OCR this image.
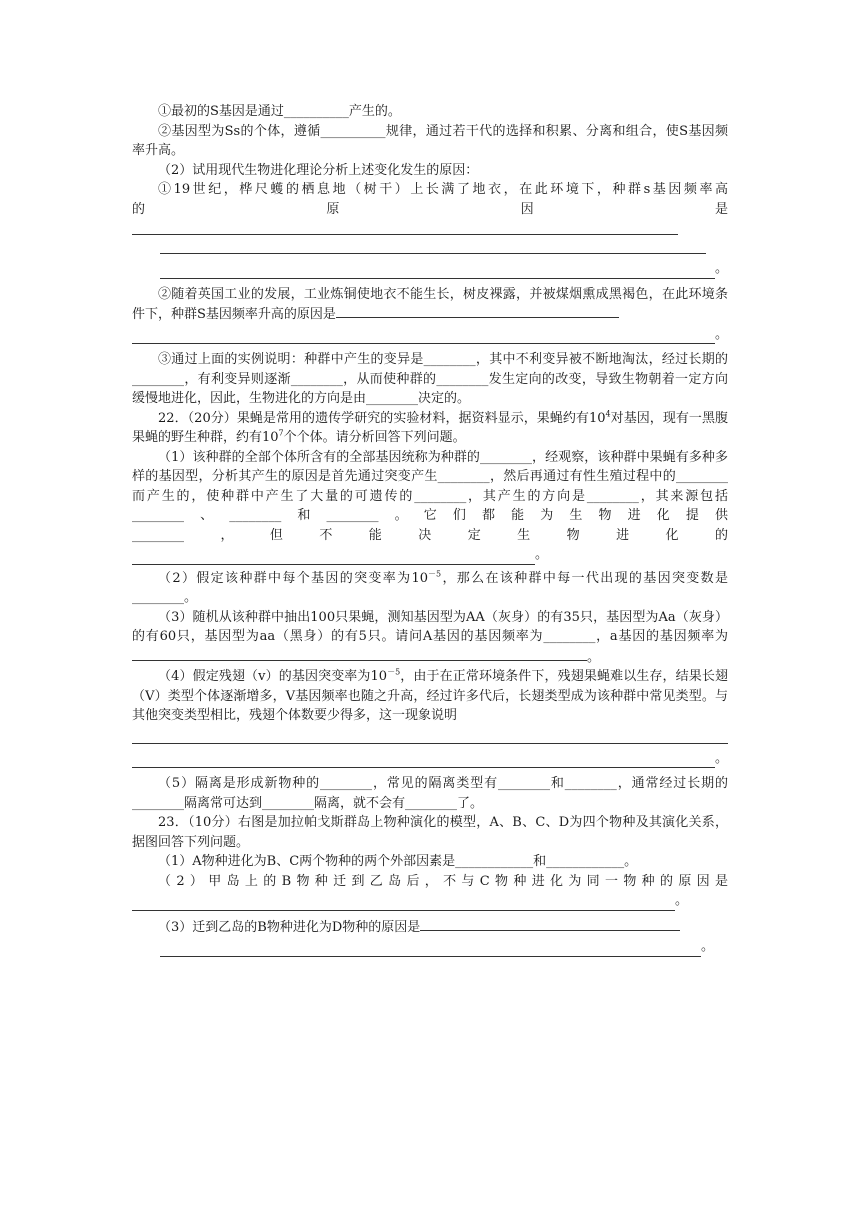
①最初的S基因是通过__________产生的。

②基因型为Ss的个体，遵循__________规律，通过若干代的选择和积累、分离和组合，使S基因频率升高。

（2）试用现代生物进化理论分析上述变化发生的原因：

①19世纪，桦尺蠖的栖息地（树干）上长满了地衣，在此环境下，种群s基因频率高

的	原	因	是
。

②随着英国工业的发展，工业炼铜使地衣不能生长，树皮裸露，并被煤烟熏成黑褐色，在此环境条件下，种群S基因频率升高的原因是

。

③通过上面的实例说明：种群中产生的变异是________，其中不利变异被不断地淘汰，经过长期的________，有利变异则逐渐________，从而使种群的________发生定向的改变，导致生物朝着一定方向缓慢地进化，因此，生物进化的方向是由________决定的。

22．（20分）果蝇是常用的遗传学研究的实验材料，据资料显示，果蝇约有$10^4$对基因，现有一黑腹果蝇的野生种群，约有$10^7$个个体。请分析回答下列问题。

（1）该种群的全部个体所含有的全部基因统称为种群的________，经观察，该种群中果蝇有多种多样的基因型，分析其产生的原因是首先通过突变产生________，然后再通过有性生殖过程中的________而产生的，使种群中产生了大量的可遗传的________，其产生的方向是________，其来源包括________、________和________。它们都能为生物进化提供

________	，	但	不	能	决	定	生	物	进	化	的
。

（2）假定该种群中每个基因的突变率为$10^{-5}$，那么在该种群中每一代出现的基因突变数是________。

（3）随机从该种群中抽出100只果蝇，测知基因型为AA（灰身）的有35只，基因型为Aa（灰身）的有60只，基因型为aa（黑身）的有5只。请问A基因的基因频率为________，a基因的基因频率为。

（4）假定残翅（v）的基因突变率为$10^{-5}$，由于在正常环境条件下，残翅果蝇难以生存，结果长翅（V）类型个体逐渐增多，V基因频率也随之升高，经过许多代后，长翅类型成为该种群中常见类型。与其他突变类型相比，残翅个体数要少得多，这一现象说明

。

（5）隔离是形成新物种的________，常见的隔离类型有________和________，通常经过长期的________隔离常可达到________隔离，就不会有________了。

23．（10分）右图是加拉帕戈斯群岛上物种演化的模型，A、B、C、D为四个物种及其演化关系，据图回答下列问题。

（1）A物种进化为B、C两个物种的两个外部因素是____________和____________。

（2）甲岛上的B物种迁到乙岛后，不与C物种进化为同一物种的原因是

。

（3）迁到乙岛的B物种进化为D物种的原因是

。
